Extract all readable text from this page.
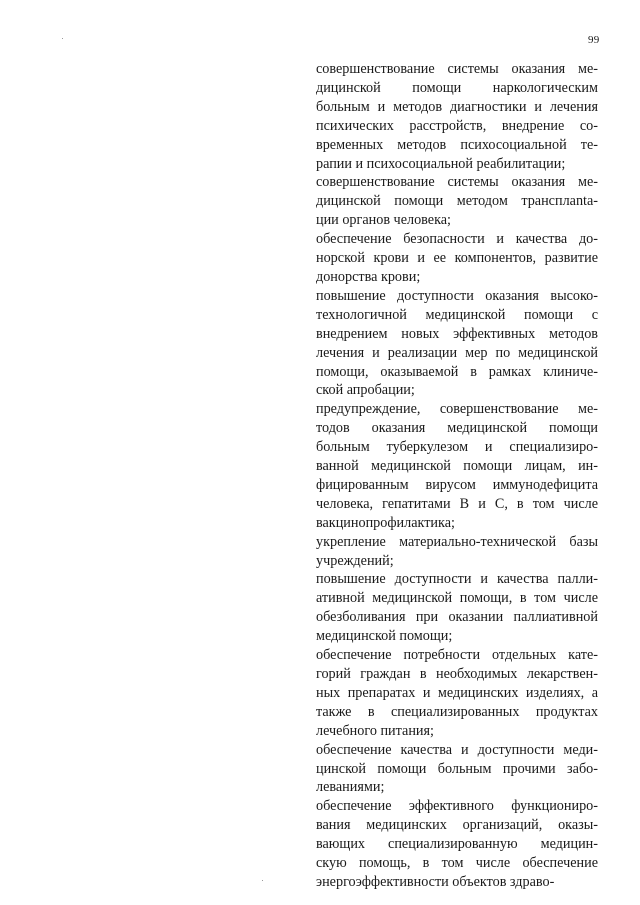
99

совершенствование системы оказания ме-
дицинской помощи наркологическим
больным и методов диагностики и лечения
психических расстройств, внедрение со-
временных методов психосоциальной те-
рапии и психосоциальной реабилитации;

совершенствование системы оказания ме-
дицинской помощи методом трансплanta-
ции органов человека;

обеспечение безопасности и качества до-
норской крови и ее компонентов, развитие
донорства крови;

повышение доступности оказания высоко-
технологичной медицинской помощи с
внедрением новых эффективных методов
лечения и реализации мер по медицинской
помощи, оказываемой в рамках клиниче-
ской апробации;

предупреждение, совершенствование ме-
тодов оказания медицинской помощи
больным туберкулезом и специализиро-
ванной медицинской помощи лицам, ин-
фицированным вирусом иммунодефицита
человека, гепатитами В и С, в том числе
вакцинопрофилактика;

укрепление материально-технической базы
учреждений;

повышение доступности и качества палли-
ативной медицинской помощи, в том числе
обезболивания при оказании паллиативной
медицинской помощи;

обеспечение потребности отдельных кате-
горий граждан в необходимых лекарствен-
ных препаратах и медицинских изделиях, а
также в специализированных продуктах
лечебного питания;

обеспечение качества и доступности меди-
цинской помощи больным прочими забо-
леваниями;

обеспечение эффективного функциониро-
вания медицинских организаций, оказы-
вающих специализированную медицин-
скую помощь, в том числе обеспечение
энергоэффективности объектов здраво-
